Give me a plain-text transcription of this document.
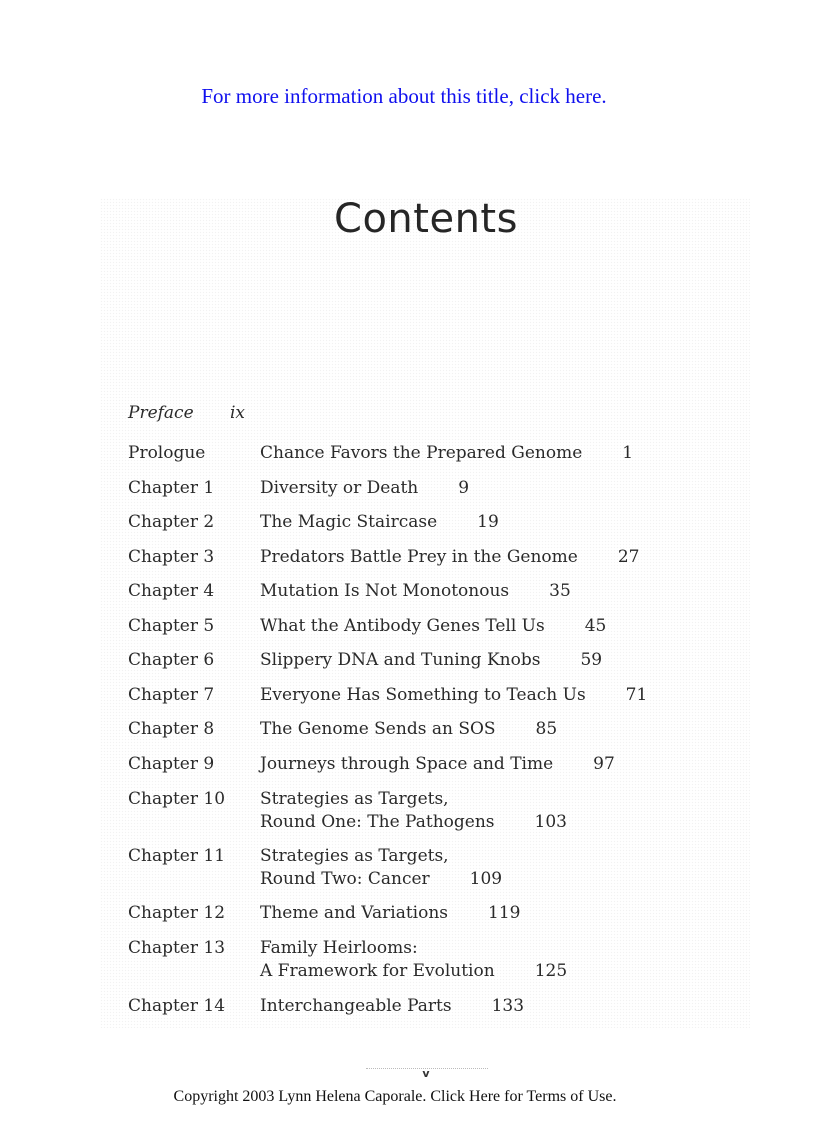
For more information about this title, click here.
Contents
Preface ix
Prologue	Chance Favors the Prepared Genome 1
Chapter 1	Diversity or Death 9
Chapter 2	The Magic Staircase 19
Chapter 3	Predators Battle Prey in the Genome 27
Chapter 4	Mutation Is Not Monotonous 35
Chapter 5	What the Antibody Genes Tell Us 45
Chapter 6	Slippery DNA and Tuning Knobs 59
Chapter 7	Everyone Has Something to Teach Us 71
Chapter 8	The Genome Sends an SOS 85
Chapter 9	Journeys through Space and Time 97
Chapter 10	Strategies as Targets,
Round One: The Pathogens 103
Chapter 11	Strategies as Targets,
Round Two: Cancer 109
Chapter 12	Theme and Variations 119
Chapter 13	Family Heirlooms:
A Framework for Evolution 125
Chapter 14	Interchangeable Parts 133
v
Copyright 2003 Lynn Helena Caporale. Click Here for Terms of Use.
